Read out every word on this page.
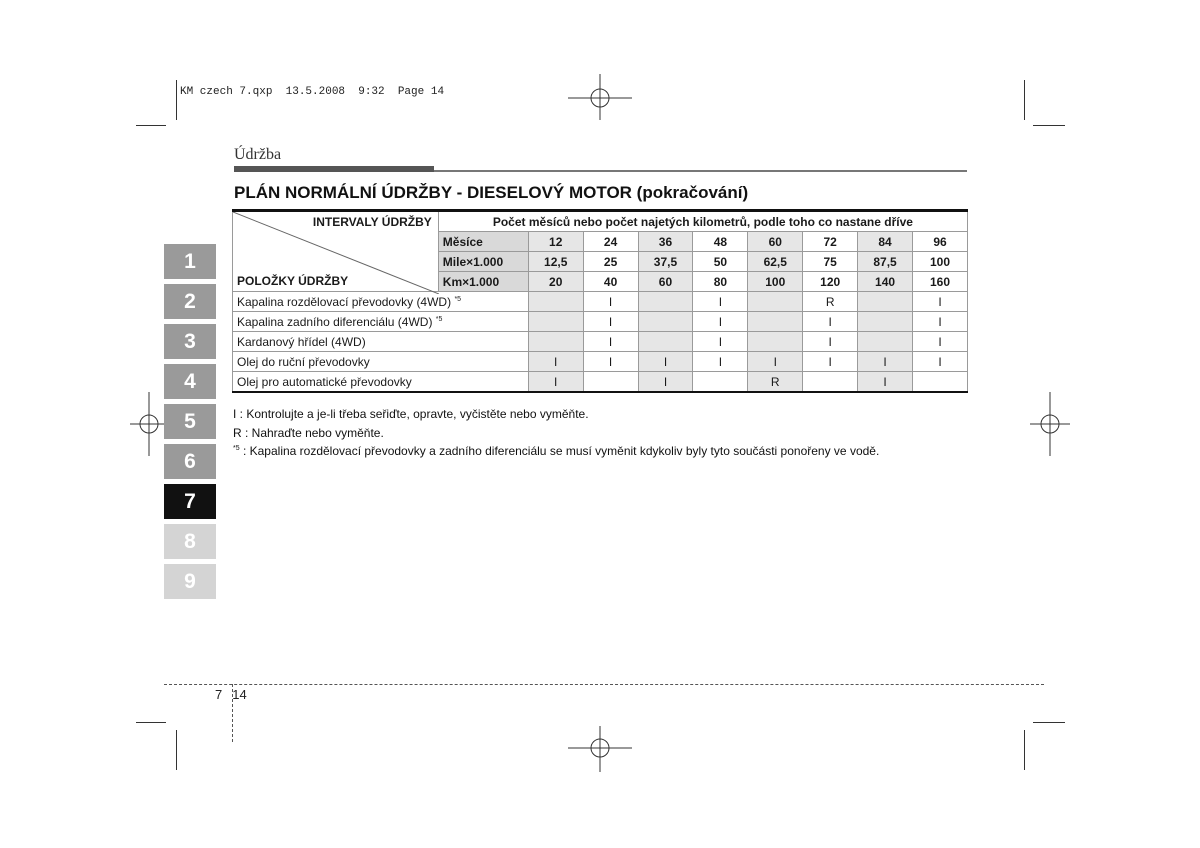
KM czech 7.qxp  13.5.2008  9:32  Page 14
Údržba
PLÁN NORMÁLNÍ ÚDRŽBY - DIESELOVÝ MOTOR (pokračování)
1
2
3
4
5
6
7
8
9
INTERVALY ÚDRŽBY
POLOŽKY ÚDRŽBY	Počet měsíců nebo počet najetých kilometrů, podle toho co nastane dříve								
	Měsíce	12	24	36	48	60	72	84	96
	Mile×1.000	12,5	25	37,5	50	62,5	75	87,5	100
	Km×1.000	20	40	60	80	100	120	140	160
Kapalina rozdělovací převodovky (4WD) $^{*5}$			I		I		R		I
Kapalina zadního diferenciálu (4WD) $^{*5}$			I		I		I		I
Kardanový hřídel (4WD)			I		I		I		I
Olej do ruční převodovky		I	I	I	I	I	I	I	I
Olej pro automatické převodovky		I		I		R		I	
I : Kontrolujte a je-li třeba seřiďte, opravte, vyčistěte nebo vyměňte.
R : Nahraďte nebo vyměňte.
$^{*5}$ : Kapalina rozdělovací převodovky a zadního diferenciálu se musí vyměnit kdykoliv byly tyto součásti ponořeny ve vodě.
7 14
